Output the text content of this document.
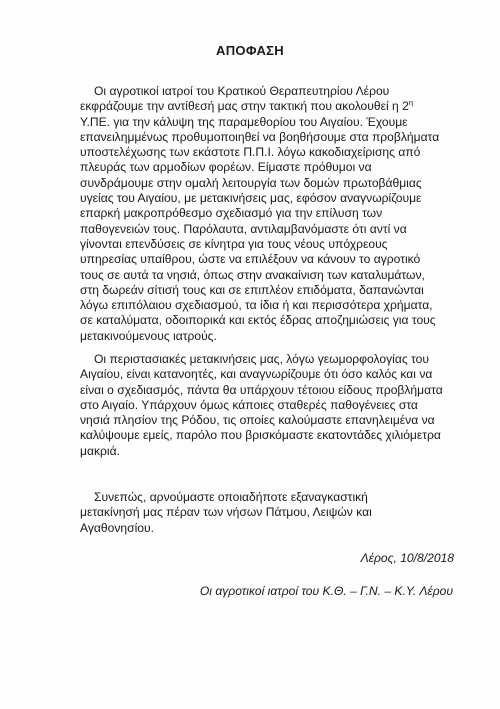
ΑΠΟΦΑΣΗ
Οι αγροτικοί ιατροί του Κρατικού Θεραπευτηρίου Λέρου
εκφράζουμε την αντίθεσή μας στην τακτική που ακολουθεί η $2^\eta$
Υ.ΠΕ. για την κάλυψη της παραμεθορίου του Αιγαίου. Έχουμε
επανειλημμένως προθυμοποιηθεί να βοηθήσουμε στα προβλήματα
υποστελέχωσης των εκάστοτε Π.Π.Ι. λόγω κακοδιαχείρισης από
πλευράς των αρμοδίων φορέων. Είμαστε πρόθυμοι να
συνδράμουμε στην ομαλή λειτουργία των δομών πρωτοβάθμιας
υγείας του Αιγαίου, με μετακινήσεις μας, εφόσον αναγνωρίζουμε
επαρκή μακροπρόθεσμο σχεδιασμό για την επίλυση των
παθογενειών τους. Παρόλαυτα, αντιλαμβανόμαστε ότι αντί να
γίνονται επενδύσεις σε κίνητρα για τους νέους υπόχρεους
υπηρεσίας υπαίθρου, ώστε να επιλέξουν να κάνουν το αγροτικό
τους σε αυτά τα νησιά, όπως στην ανακαίνιση των καταλυμάτων,
στη δωρεάν σίτισή τους και σε επιπλέον επιδόματα, δαπανώνται
λόγω επιπόλαιου σχεδιασμού, τα ίδια ή και περισσότερα χρήματα,
σε καταλύματα, οδοιπορικά και εκτός έδρας αποζημιώσεις για τους
μετακινούμενους ιατρούς.
Οι περιστασιακές μετακινήσεις μας, λόγω γεωμορφολογίας του
Αιγαίου, είναι κατανοητές, και αναγνωρίζουμε ότι όσο καλός και να
είναι ο σχεδιασμός, πάντα θα υπάρχουν τέτοιου είδους προβλήματα
στο Αιγαίο. Υπάρχουν όμως κάποιες σταθερές παθογένειες στα
νησιά πλησίον της Ρόδου, τις οποίες καλούμαστε επανηλειμένα να
καλύψουμε εμείς, παρόλο που βρισκόμαστε εκατοντάδες χιλιόμετρα
μακριά.
Συνεπώς, αρνούμαστε οποιαδήποτε εξαναγκαστική
μετακίνησή μας πέραν των νήσων Πάτμου, Λειψών και
Αγαθονησίου.
Λέρος, 10/8/2018
Οι αγροτικοί ιατροί του Κ.Θ. – Γ.Ν. – Κ.Υ. Λέρου
